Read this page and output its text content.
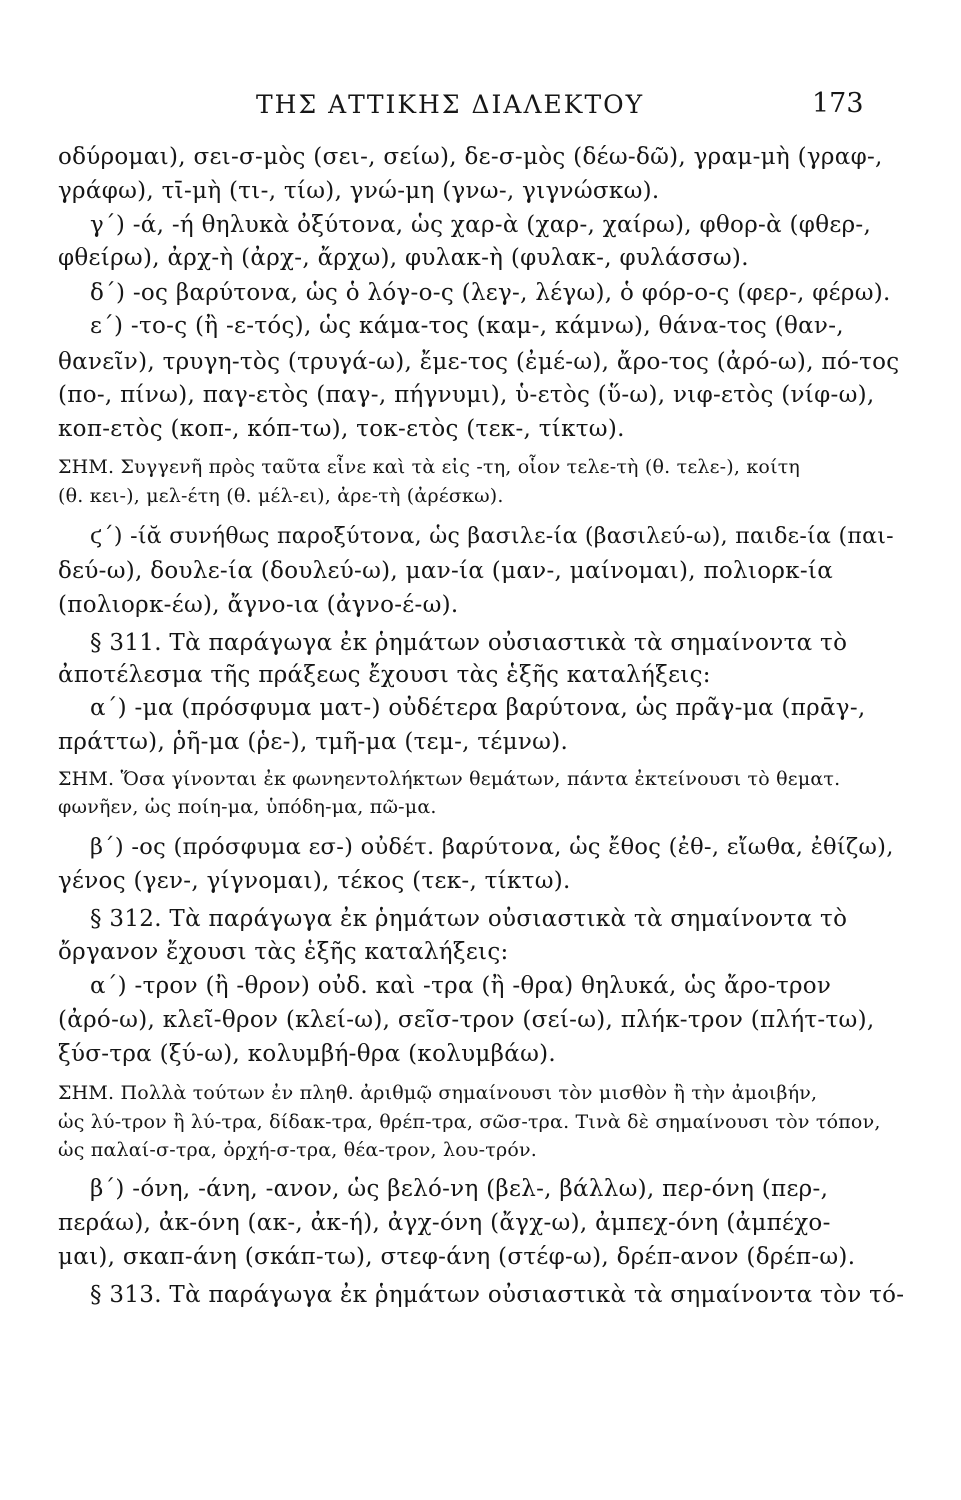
ΤΗΣ ΑΤΤΙΚΗΣ ΔΙΑΛΕΚΤΟΥ	173
οδύρομαι), σει-σ-μὸς (σει-, σείω), δε-σ-μὸς (δέω-δῶ), γραμ-μὴ (γραφ-,
γράφω), τῑ-μὴ (τι-, τίω), γνώ-μη (γνω-, γιγνώσκω).
γ΄) -ά, -ή θηλυκὰ ὀξύτονα, ὡς χαρ-ὰ (χαρ-, χαίρω), φθορ-ὰ (φθερ-,
φθείρω), ἀρχ-ὴ (ἀρχ-, ἄρχω), φυλακ-ὴ (φυλακ-, φυλάσσω).
δ΄) -ος βαρύτονα, ὡς ὁ λόγ-ο-ς (λεγ-, λέγω), ὁ φόρ-ο-ς (φερ-, φέρω).
ε΄) -το-ς (ἢ -ε-τός), ὡς κάμα-τος (καμ-, κάμνω), θάνα-τος (θαν-,
θανεῖν), τρυγη-τὸς (τρυγά-ω), ἔμε-τος (ἐμέ-ω), ἄρο-τος (ἀρό-ω), πό-τος
(πο-, πίνω), παγ-ετὸς (παγ-, πήγνυμι), ὑ-ετὸς (ὕ-ω), νιφ-ετὸς (νίφ-ω),
κοπ-ετὸς (κοπ-, κόπ-τω), τοκ-ετὸς (τεκ-, τίκτω).
ΣΗΜ. Συγγενῆ πρὸς ταῦτα εἶνε καὶ τὰ εἰς -τη, οἷον τελε-τὴ (θ. τελε-), κοίτη
(θ. κει-), μελ-έτη (θ. μέλ-ει), ἀρε-τὴ (ἀρέσκω).
ϛ΄) -ίᾰ συνήθως παροξύτονα, ὡς βασιλε-ία (βασιλεύ-ω), παιδε-ία (παι-
δεύ-ω), δουλε-ία (δουλεύ-ω), μαν-ία (μαν-, μαίνομαι), πολιορκ-ία
(πολιορκ-έω), ἄγνο-ια (ἀγνο-έ-ω).
§ 311. Τὰ παράγωγα ἐκ ῥημάτων οὐσιαστικὰ τὰ σημαίνοντα τὸ
ἀποτέλεσμα τῆς πράξεως ἔχουσι τὰς ἑξῆς καταλήξεις:
α΄) -μα (πρόσφυμα ματ-) οὐδέτερα βαρύτονα, ὡς πρᾶγ-μα (πρᾱγ-,
πράττω), ῥῆ-μα (ῥε-), τμῆ-μα (τεμ-, τέμνω).
ΣΗΜ. Ὅσα γίνονται ἐκ φωνηεντολήκτων θεμάτων, πάντα ἐκτείνουσι τὸ θεματ.
φωνῆεν, ὡς ποίη-μα, ὑπόδη-μα, πῶ-μα.
β΄) -ος (πρόσφυμα εσ-) οὐδέτ. βαρύτονα, ὡς ἔθος (ἐθ-, εἴωθα, ἐθίζω),
γένος (γεν-, γίγνομαι), τέκος (τεκ-, τίκτω).
§ 312. Τὰ παράγωγα ἐκ ῥημάτων οὐσιαστικὰ τὰ σημαίνοντα τὸ
ὄργανον ἔχουσι τὰς ἑξῆς καταλήξεις:
α΄) -τρον (ἢ -θρον) οὐδ. καὶ -τρα (ἢ -θρα) θηλυκά, ὡς ἄρο-τρον
(ἀρό-ω), κλεῖ-θρον (κλεί-ω), σεῖσ-τρον (σεί-ω), πλήκ-τρον (πλήτ-τω),
ξύσ-τρα (ξύ-ω), κολυμβή-θρα (κολυμβάω).
ΣΗΜ. Πολλὰ τούτων ἐν πληθ. ἀριθμῷ σημαίνουσι τὸν μισθὸν ἢ τὴν ἀμοιβήν,
ὡς λύ-τρον ἢ λύ-τρα, δίδακ-τρα, θρέπ-τρα, σῶσ-τρα. Τινὰ δὲ σημαίνουσι τὸν τόπον,
ὡς παλαί-σ-τρα, ὀρχή-σ-τρα, θέα-τρον, λου-τρόν.
β΄) -όνη, -άνη, -ανον, ὡς βελό-νη (βελ-, βάλλω), περ-όνη (περ-,
περάω), ἀκ-όνη (ακ-, ἀκ-ή), ἀγχ-όνη (ἄγχ-ω), ἀμπεχ-όνη (ἀμπέχο-
μαι), σκαπ-άνη (σκάπ-τω), στεφ-άνη (στέφ-ω), δρέπ-ανον (δρέπ-ω).
§ 313. Τὰ παράγωγα ἐκ ῥημάτων οὐσιαστικὰ τὰ σημαίνοντα τὸν τό-
